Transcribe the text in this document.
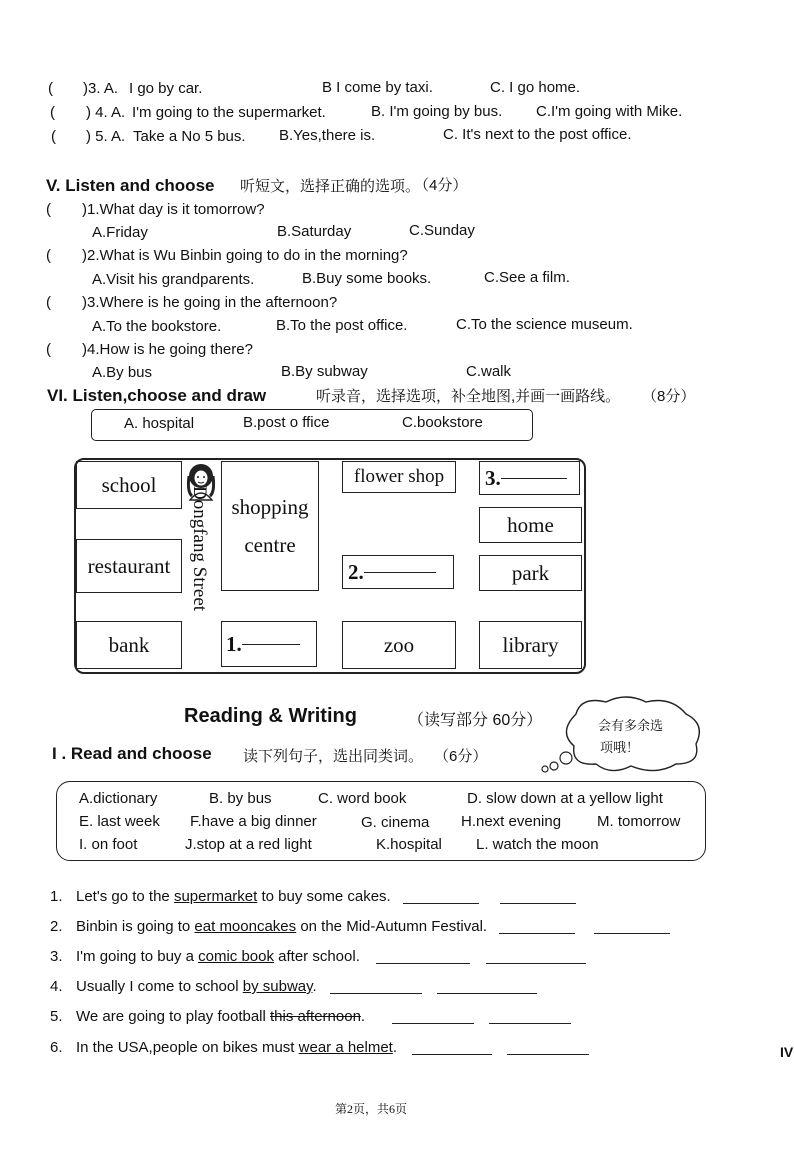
( )3. A. I go by car.	B I come by taxi.	C. I go home.
( ) 4. A. I'm going to the supermarket.	B. I'm going by bus. C.I'm going with Mike.
( ) 5. A. Take a No 5 bus. B.Yes,there is.	C. It's next to the post office.
V. Listen and choose 听短文，选择正确的选项。
（4分）
( )1.What day is it tomorrow?
A.Friday	B.Saturday	C.Sunday
( )2.What is Wu Binbin going to do in the morning?
A.Visit his grandparents.	B.Buy some books.	C.See a film.
( )3.Where is he going in the afternoon?
A.To the bookstore.	B.To the post office.	C.To the science museum.
( )4.How is he going there?
A.By bus	B.By subway	C.walk
VI. Listen,choose and draw	听录音，选择选项，补全地图,并画一画路线。 （8分）
A. hospital	B.post o ffice	C.bookstore
school
restaurant
bank
Dongfang Street shopping
centre
1.
flower shop
2.
zoo
3.
home
park
library
Reading & Writing	（读写部分 60分）	会有多余选
项哦！
I . Read and choose 读下列句子，选出同类词。 （6分）
A.dictionary	B. by bus	C. word book	D. slow down at a yellow light
E. last week F.have a big dinner	G. cinema H.next evening M. tomorrow
I. on foot	J.stop at a red light	K.hospital L. watch the moon
1. Let's go to the supermarket to buy some cakes.
2. Binbin is going to eat mooncakes on the Mid-Autumn Festival.
3. I'm going to buy a comic book after school.
4. Usually I come to school by subway.
5. We are going to play football this afternoon.
6. In the USA,people on bikes must wear a helmet.	IV
第2页，共6页
